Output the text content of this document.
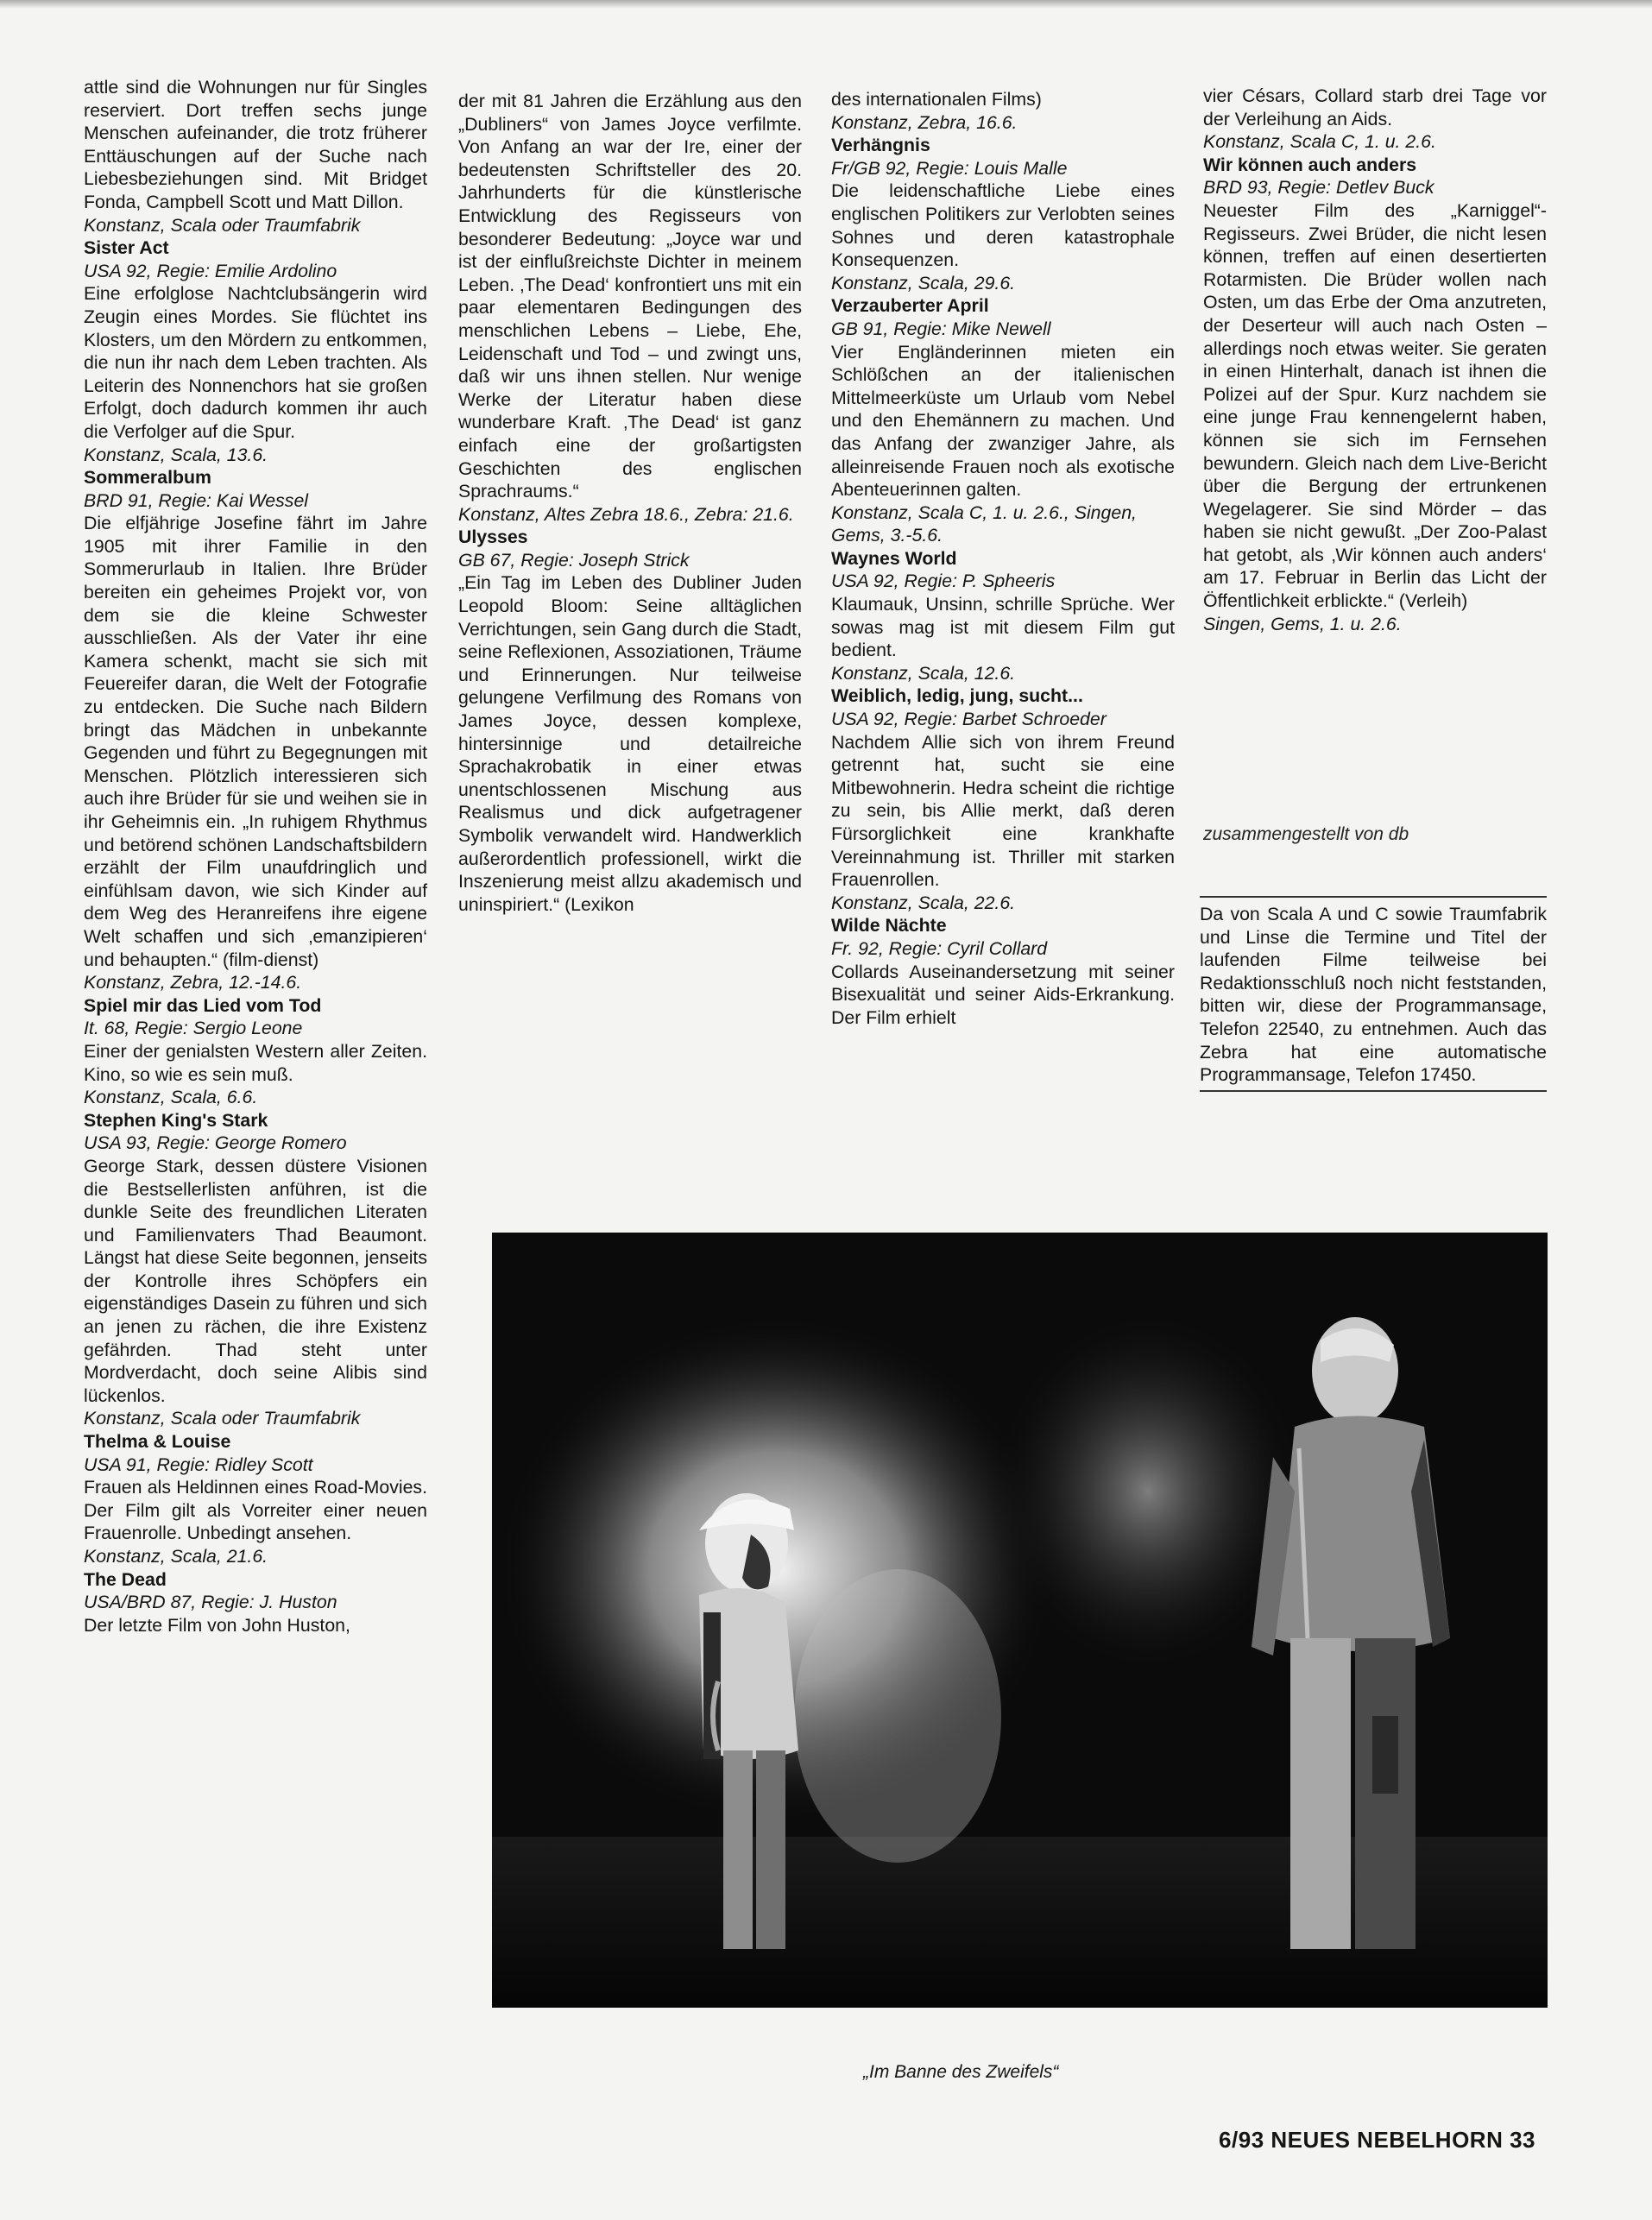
attle sind die Wohnungen nur für Singles reserviert. Dort treffen sechs junge Menschen aufeinander, die trotz früherer Enttäuschungen auf der Suche nach Liebesbeziehungen sind. Mit Bridget Fonda, Campbell Scott und Matt Dillon.

Konstanz, Scala oder Traumfabrik

Sister Act

USA 92, Regie: Emilie Ardolino

Eine erfolglose Nachtclubsängerin wird Zeugin eines Mordes. Sie flüchtet ins Klosters, um den Mördern zu entkommen, die nun ihr nach dem Leben trachten. Als Leiterin des Nonnenchors hat sie großen Erfolgt, doch dadurch kommen ihr auch die Verfolger auf die Spur.

Konstanz, Scala, 13.6.

Sommeralbum

BRD 91, Regie: Kai Wessel

Die elfjährige Josefine fährt im Jahre 1905 mit ihrer Familie in den Sommerurlaub in Italien. Ihre Brüder bereiten ein geheimes Projekt vor, von dem sie die kleine Schwester ausschließen. Als der Vater ihr eine Kamera schenkt, macht sie sich mit Feuereifer daran, die Welt der Fotografie zu entdecken. Die Suche nach Bildern bringt das Mädchen in unbekannte Gegenden und führt zu Begegnungen mit Menschen. Plötzlich interessieren sich auch ihre Brüder für sie und weihen sie in ihr Geheimnis ein. „In ruhigem Rhythmus und betörend schönen Landschaftsbildern erzählt der Film unaufdringlich und einfühlsam davon, wie sich Kinder auf dem Weg des Heranreifens ihre eigene Welt schaffen und sich ‚emanzipieren‘ und behaupten.“ (film-dienst)

Konstanz, Zebra, 12.-14.6.

Spiel mir das Lied vom Tod

It. 68, Regie: Sergio Leone

Einer der genialsten Western aller Zeiten. Kino, so wie es sein muß.

Konstanz, Scala, 6.6.

Stephen King's Stark

USA 93, Regie: George Romero

George Stark, dessen düstere Visionen die Bestsellerlisten anführen, ist die dunkle Seite des freundlichen Literaten und Familienvaters Thad Beaumont. Längst hat diese Seite begonnen, jenseits der Kontrolle ihres Schöpfers ein eigenständiges Dasein zu führen und sich an jenen zu rächen, die ihre Existenz gefährden. Thad steht unter Mordverdacht, doch seine Alibis sind lückenlos.

Konstanz, Scala oder Traumfabrik

Thelma & Louise

USA 91, Regie: Ridley Scott

Frauen als Heldinnen eines Road-Movies. Der Film gilt als Vorreiter einer neuen Frauenrolle. Unbedingt ansehen.

Konstanz, Scala, 21.6.

The Dead

USA/BRD 87, Regie: J. Huston

Der letzte Film von John Huston,

der mit 81 Jahren die Erzählung aus den „Dubliners“ von James Joyce verfilmte. Von Anfang an war der Ire, einer der bedeutensten Schriftsteller des 20. Jahrhunderts für die künstlerische Entwicklung des Regisseurs von besonderer Bedeutung: „Joyce war und ist der einflußreichste Dichter in meinem Leben. ‚The Dead‘ konfrontiert uns mit ein paar elementaren Bedingungen des menschlichen Lebens – Liebe, Ehe, Leidenschaft und Tod – und zwingt uns, daß wir uns ihnen stellen. Nur wenige Werke der Literatur haben diese wunderbare Kraft. ‚The Dead‘ ist ganz einfach eine der großartigsten Geschichten des englischen Sprachraums.“

Konstanz, Altes Zebra 18.6., Zebra: 21.6.

Ulysses

GB 67, Regie: Joseph Strick

„Ein Tag im Leben des Dubliner Juden Leopold Bloom: Seine alltäglichen Verrichtungen, sein Gang durch die Stadt, seine Reflexionen, Assoziationen, Träume und Erinnerungen. Nur teilweise gelungene Verfilmung des Romans von James Joyce, dessen komplexe, hintersinnige und detailreiche Sprachakrobatik in einer etwas unentschlossenen Mischung aus Realismus und dick aufgetragener Symbolik verwandelt wird. Handwerklich außerordentlich professionell, wirkt die Inszenierung meist allzu akademisch und uninspiriert.“ (Lexikon

des internationalen Films)

Konstanz, Zebra, 16.6.

Verhängnis

Fr/GB 92, Regie: Louis Malle

Die leidenschaftliche Liebe eines englischen Politikers zur Verlobten seines Sohnes und deren katastrophale Konsequenzen.

Konstanz, Scala, 29.6.

Verzauberter April

GB 91, Regie: Mike Newell

Vier Engländerinnen mieten ein Schlößchen an der italienischen Mittelmeerküste um Urlaub vom Nebel und den Ehemännern zu machen. Und das Anfang der zwanziger Jahre, als alleinreisende Frauen noch als exotische Abenteuerinnen galten.

Konstanz, Scala C, 1. u. 2.6., Singen, Gems, 3.-5.6.

Waynes World

USA 92, Regie: P. Spheeris

Klaumauk, Unsinn, schrille Sprüche. Wer sowas mag ist mit diesem Film gut bedient.

Konstanz, Scala, 12.6.

Weiblich, ledig, jung, sucht...

USA 92, Regie: Barbet Schroeder

Nachdem Allie sich von ihrem Freund getrennt hat, sucht sie eine Mitbewohnerin. Hedra scheint die richtige zu sein, bis Allie merkt, daß deren Fürsorglichkeit eine krankhafte Vereinnahmung ist. Thriller mit starken Frauenrollen.

Konstanz, Scala, 22.6.

Wilde Nächte

Fr. 92, Regie: Cyril Collard

Collards Auseinandersetzung mit seiner Bisexualität und seiner Aids-Erkrankung. Der Film erhielt

vier Césars, Collard starb drei Tage vor der Verleihung an Aids.

Konstanz, Scala C, 1. u. 2.6.

Wir können auch anders

BRD 93, Regie: Detlev Buck

Neuester Film des „Karniggel“-Regisseurs. Zwei Brüder, die nicht lesen können, treffen auf einen desertierten Rotarmisten. Die Brüder wollen nach Osten, um das Erbe der Oma anzutreten, der Deserteur will auch nach Osten – allerdings noch etwas weiter. Sie geraten in einen Hinterhalt, danach ist ihnen die Polizei auf der Spur. Kurz nachdem sie eine junge Frau kennengelernt haben, können sie sich im Fernsehen bewundern. Gleich nach dem Live-Bericht über die Bergung der ertrunkenen Wegelagerer. Sie sind Mörder – das haben sie nicht gewußt. „Der Zoo-Palast hat getobt, als ‚Wir können auch anders‘ am 17. Februar in Berlin das Licht der Öffentlichkeit erblickte.“ (Verleih)

Singen, Gems, 1. u. 2.6.

zusammengestellt von db
Da von Scala A und C sowie Traumfabrik und Linse die Termine und Titel der laufenden Filme teilweise bei Redaktionsschluß noch nicht feststanden, bitten wir, diese der Programmansage, Telefon 22540, zu entnehmen. Auch das Zebra hat eine automatische Programmansage, Telefon 17450.
„Im Banne des Zweifels“
6/93 NEUES NEBELHORN 33
